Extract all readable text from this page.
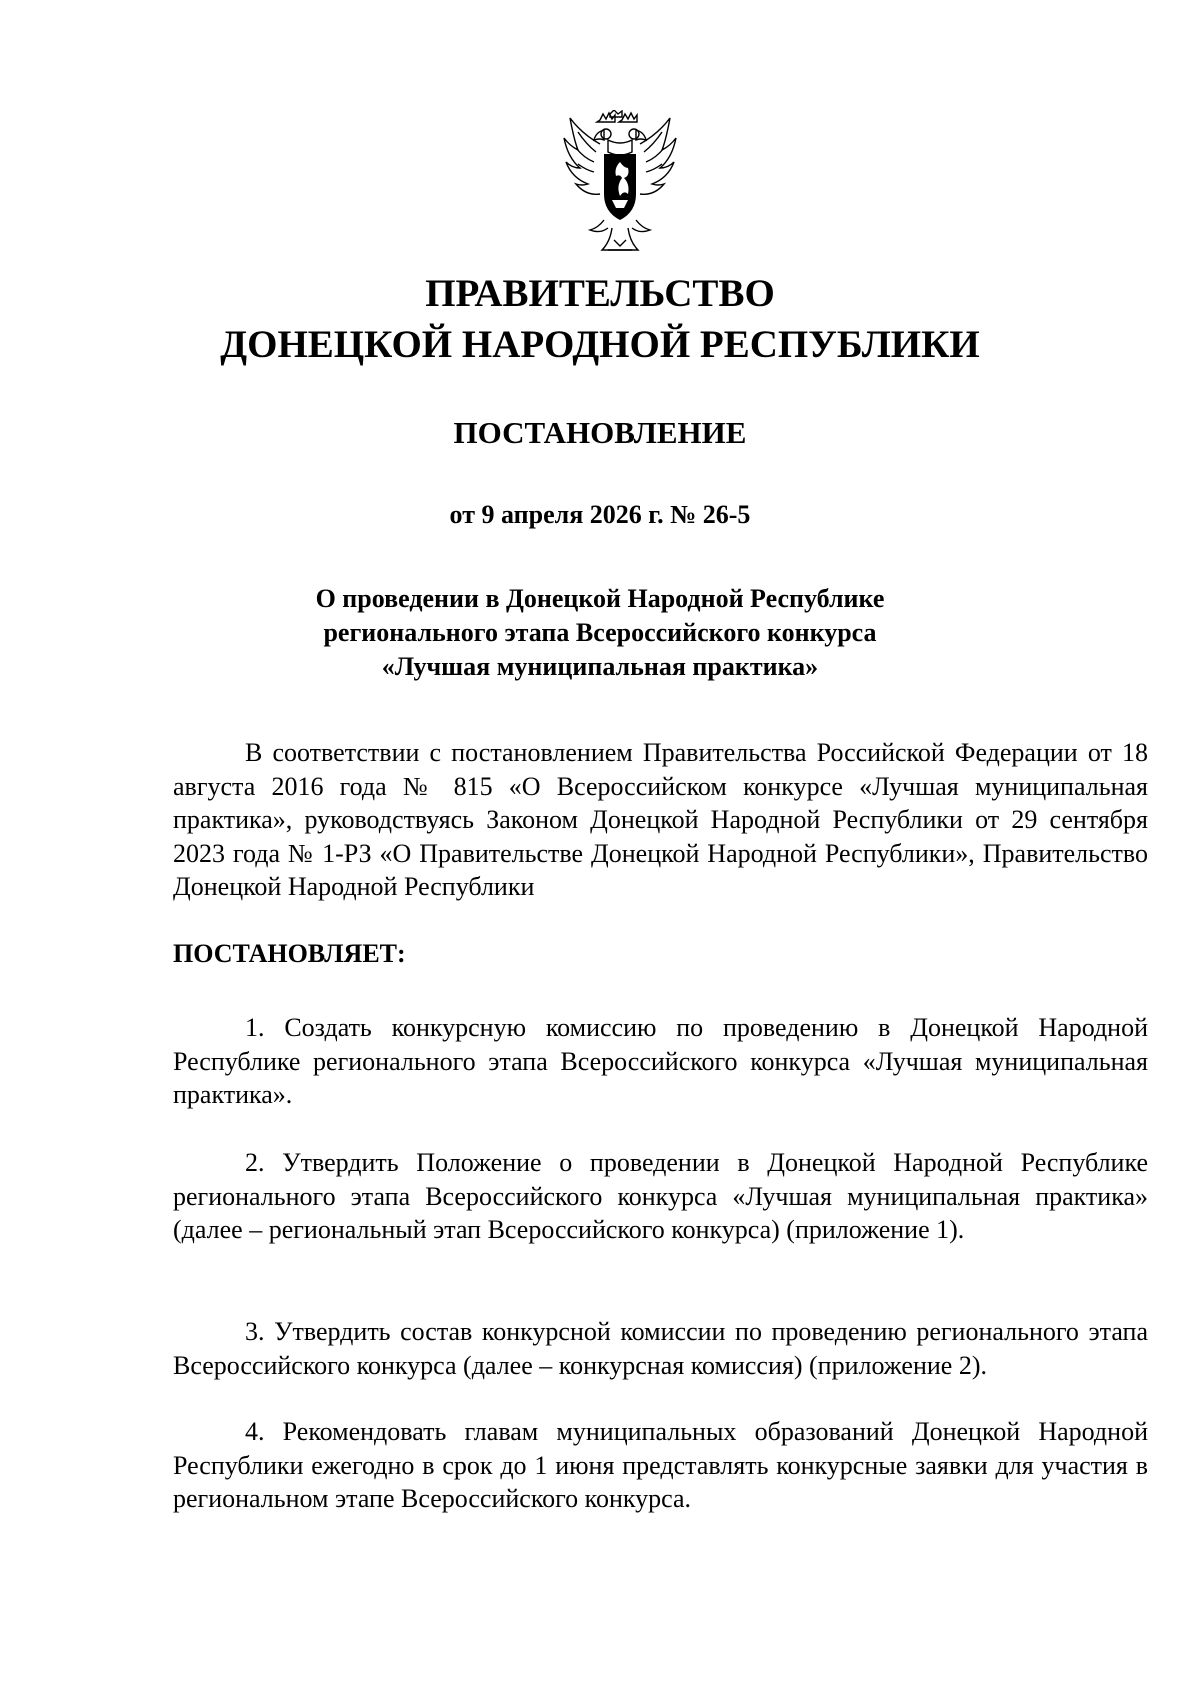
ПРАВИТЕЛЬСТВО
ДОНЕЦКОЙ НАРОДНОЙ РЕСПУБЛИКИ
ПОСТАНОВЛЕНИЕ
от 9 апреля 2026 г. № 26-5
О проведении в Донецкой Народной Республике
регионального этапа Всероссийского конкурса
«Лучшая муниципальная практика»
В соответствии с постановлением Правительства Российской Федерации от 18 августа 2016 года № 815 «О Всероссийском конкурсе «Лучшая муниципальная практика», руководствуясь Законом Донецкой Народной Республики от 29 сентября 2023 года № 1-РЗ «О Правительстве Донецкой Народной Республики», Правительство Донецкой Народной Республики
ПОСТАНОВЛЯЕТ:
1. Создать конкурсную комиссию по проведению в Донецкой Народной Республике регионального этапа Всероссийского конкурса «Лучшая муниципальная практика».
2. Утвердить Положение о проведении в Донецкой Народной Республике регионального этапа Всероссийского конкурса «Лучшая муниципальная практика» (далее – региональный этап Всероссийского конкурса) (приложение 1).
3. Утвердить состав конкурсной комиссии по проведению регионального этапа Всероссийского конкурса (далее – конкурсная комиссия) (приложение 2).
4. Рекомендовать главам муниципальных образований Донецкой Народной Республики ежегодно в срок до 1 июня представлять конкурсные заявки для участия в региональном этапе Всероссийского конкурса.
